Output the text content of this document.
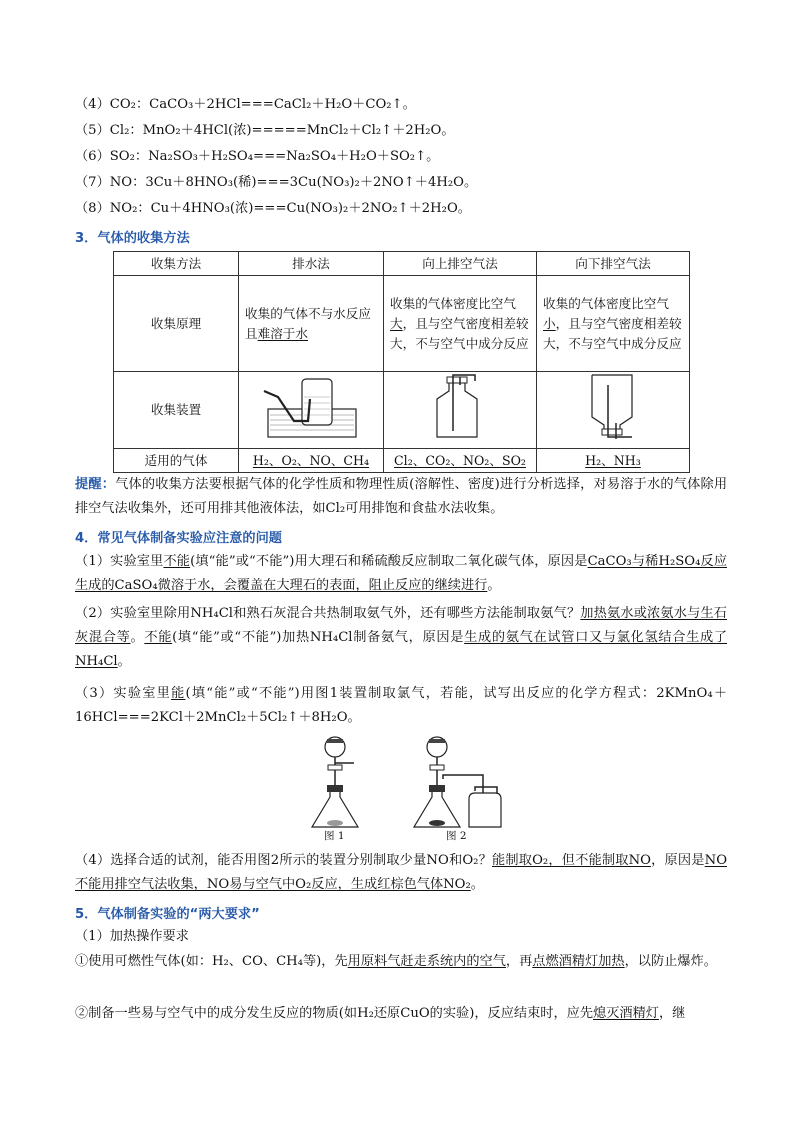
（4）CO₂：CaCO₃＋2HCl===CaCl₂＋H₂O＋CO₂↑。
（5）Cl₂：MnO₂＋4HCl(浓)=====MnCl₂＋Cl₂↑＋2H₂O。
（6）SO₂：Na₂SO₃＋H₂SO₄===Na₂SO₄＋H₂O＋SO₂↑。
（7）NO：3Cu＋8HNO₃(稀)===3Cu(NO₃)₂＋2NO↑＋4H₂O。
（8）NO₂：Cu＋4HNO₃(浓)===Cu(NO₃)₂＋2NO₂↑＋2H₂O。
3．气体的收集方法
收集方法	排水法	向上排空气法	向下排空气法
收集原理	收集的气体不与水反应且难溶于水	收集的气体密度比空气大，且与空气密度相差较大，不与空气中成分反应	收集的气体密度比空气小，且与空气密度相差较大，不与空气中成分反应
收集装置			
适用的气体	H₂、O₂、NO、CH₄	Cl₂、CO₂、NO₂、SO₂	H₂、NH₃
提醒：气体的收集方法要根据气体的化学性质和物理性质(溶解性、密度)进行分析选择，对易溶于水的气体除用排空气法收集外，还可用排其他液体法，如Cl₂可用排饱和食盐水法收集。
4．常见气体制备实验应注意的问题
（1）实验室里不能(填“能”或“不能”)用大理石和稀硫酸反应制取二氧化碳气体，原因是CaCO₃与稀H₂SO₄反应生成的CaSO₄微溶于水，会覆盖在大理石的表面，阻止反应的继续进行。
（2）实验室里除用NH₄Cl和熟石灰混合共热制取氨气外，还有哪些方法能制取氨气？加热氨水或浓氨水与生石灰混合等。不能(填“能”或“不能”)加热NH₄Cl制备氨气，原因是生成的氨气在试管口又与氯化氢结合生成了NH₄Cl。
（3）实验室里能(填“能”或“不能”)用图1装置制取氯气，若能，试写出反应的化学方程式：2KMnO₄＋16HCl===2KCl＋2MnCl₂＋5Cl₂↑＋8H₂O。
图 1	图 2
（4）选择合适的试剂，能否用图2所示的装置分别制取少量NO和O₂？能制取O₂，但不能制取NO，原因是NO不能用排空气法收集，NO易与空气中O₂反应，生成红棕色气体NO₂。
5．气体制备实验的“两大要求”
（1）加热操作要求
①使用可燃性气体(如：H₂、CO、CH₄等)，先用原料气赶走系统内的空气，再点燃酒精灯加热，以防止爆炸。
②制备一些易与空气中的成分发生反应的物质(如H₂还原CuO的实验)，反应结束时，应先熄灭酒精灯，继
